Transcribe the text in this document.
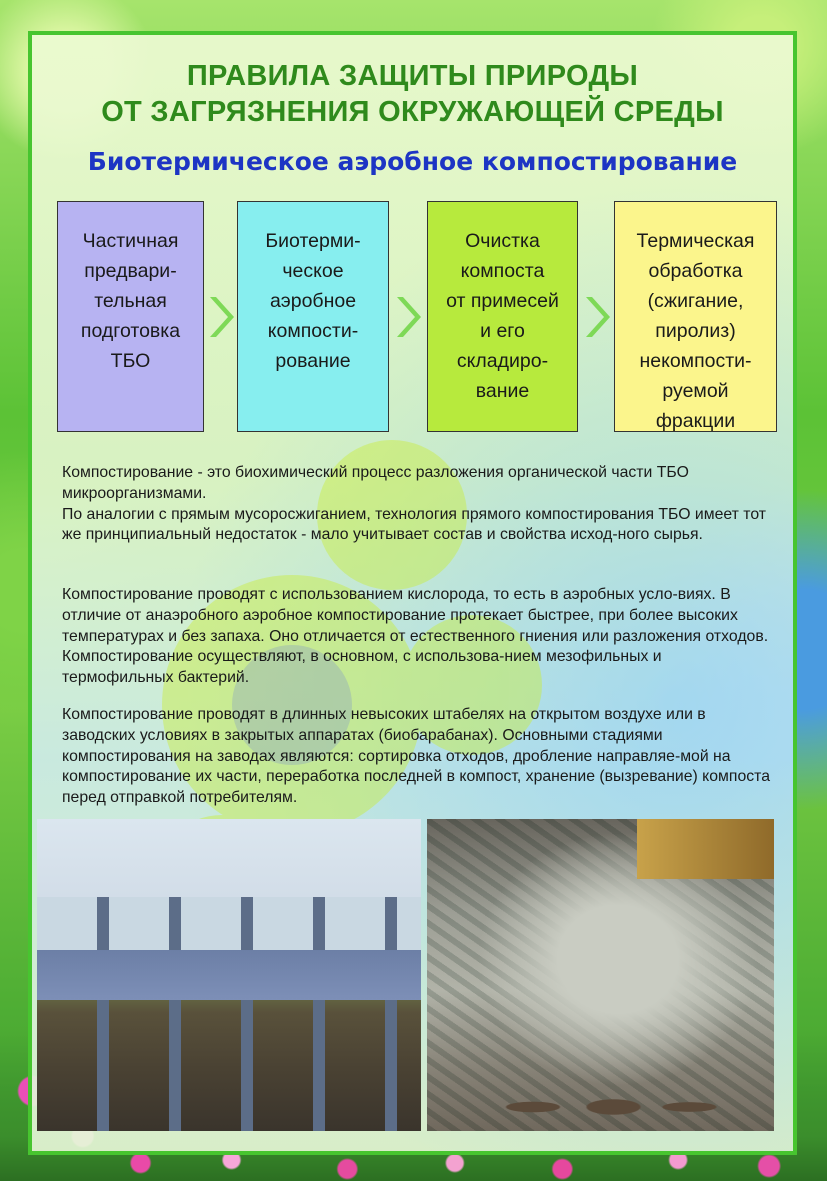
ПРАВИЛА ЗАЩИТЫ ПРИРОДЫ
ОТ ЗАГРЯЗНЕНИЯ ОКРУЖАЮЩЕЙ СРЕДЫ
Биотермическое аэробное компостирование
Частичная
предвари-
тельная
подготовка
ТБО
Биотерми-
ческое
аэробное
компости-
рование
Очистка
компоста
от примесей
и его
складиро-
вание
Термическая
обработка
(сжигание,
пиролиз)
некомпости-
руемой
фракции
Компостирование - это биохимический процесс разложения органической части ТБО микроорганизмами.
По аналогии с прямым мусоросжиганием, технология прямого компостирования ТБО имеет тот же принципиальный недостаток - мало учитывает состав и свойства исход-ного сырья.
Компостирование проводят с использованием кислорода, то есть в аэробных усло-виях. В отличие от анаэробного аэробное компостирование протекает быстрее, при более высоких температурах и без запаха. Оно отличается от естественного гниения или разложения отходов. Компостирование осуществляют, в основном, с использова-нием мезофильных и термофильных бактерий.
Компостирование проводят в длинных невысоких штабелях на открытом воздухе или в заводских условиях в закрытых аппаратах (биобарабанах). Основными стадиями компостирования на заводах являются: сортировка отходов, дробление направляе-мой на компостирование их части, переработка последней в компост, хранение (вызревание) компоста перед отправкой потребителям.
